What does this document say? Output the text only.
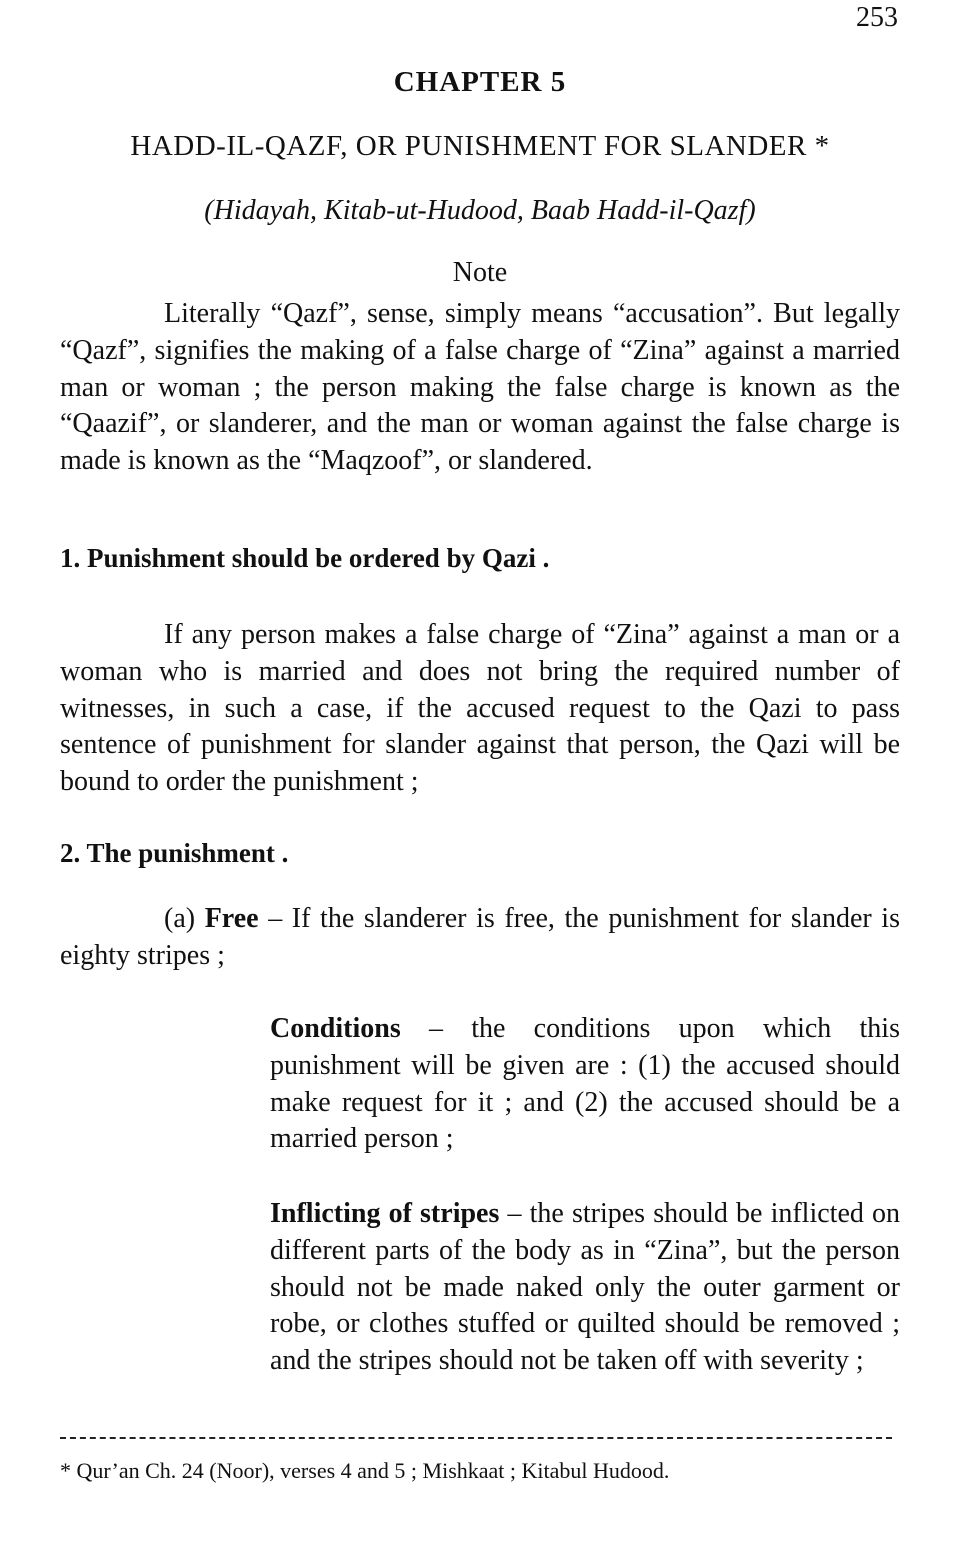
253
CHAPTER 5
HADD-IL-QAZF, OR PUNISHMENT FOR SLANDER *
(Hidayah, Kitab-ut-Hudood, Baab Hadd-il-Qazf)
Note
Literally “Qazf”, sense, simply means “accusation”. But legally “Qazf”, signifies the making of a false charge of “Zina” against a married man or woman ; the person making the false charge is known as the “Qaazif”, or slanderer, and the man or woman against the false charge is made is known as the “Maqzoof”, or slandered.
1. Punishment should be ordered by Qazi .
If any person makes a false charge of “Zina” against a man or a woman who is married and does not bring the required number of witnesses, in such a case, if the accused request to the Qazi to pass sentence of punishment for slander against that person, the Qazi will be bound to order the punishment ;
2. The punishment .
(a) Free – If the slanderer is free, the punishment for slander is eighty stripes ;
Conditions – the conditions upon which this punishment will be given are : (1) the accused should make request for it ; and (2) the accused should be a married person ;
Inflicting of stripes – the stripes should be inflicted on different parts of the body as in “Zina”, but the person should not be made naked only the outer garment or robe, or clothes stuffed or quilted should be removed ; and the stripes should not be taken off with severity ;
* Qur’an Ch. 24 (Noor), verses 4 and 5 ; Mishkaat ; Kitabul Hudood.
